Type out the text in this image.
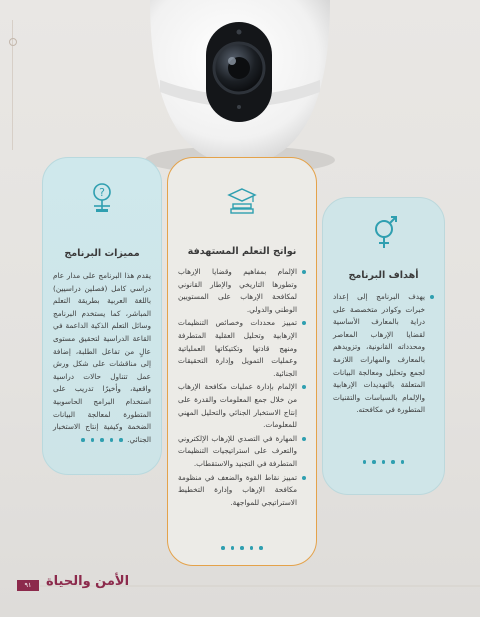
?
مميزات البرنامج
يقدم هذا البرنامج على مدار عام دراسي كامل (فصلين دراسيين) باللغة العربية بطريقة التعلم المباشر، كما يستخدم البرنامج وسائل التعلم الذكية الداعمة في القاعة الدراسية لتحقيق مستوى عالٍ من تفاعل الطلبة، إضافة إلى مناقشات على شكل ورش عمل تتناول حالات دراسية واقعية، وأخيرًا تدريب على استخدام البرامج الحاسوبية المتطورة لمعالجة البيانات الضخمة وكيفية إنتاج الاستخبار الجنائي.
نواتج التعلم المستهدفة
الإلمام بمفاهيم وقضايا الإرهاب وتطورها التاريخي والإطار القانوني لمكافحة الإرهاب على المستويين الوطني والدولي.
تمييز محددات وخصائص التنظيمات الإرهابية وتحليل العقلية المتطرفة ومنهج قادتها وتكتيكاتها العملياتية وعمليات التمويل وإدارة التحقيقات الجنائية.
الإلمام بإدارة عمليات مكافحة الإرهاب من خلال جمع المعلومات والقدرة على إنتاج الاستخبار الجنائي والتحليل المهني للمعلومات.
المهارة في التصدي للإرهاب الإلكتروني والتعرف على استراتيجيات التنظيمات المتطرفة في التجنيد والاستقطاب.
تمييز نقاط القوة والضعف في منظومة مكافحة الإرهاب وإدارة التخطيط الاستراتيجي للمواجهة.
أهداف البرنامج
يهدف البرنامج إلى إعداد خبرات وكوادر متخصصة على دراية بالمعارف الأساسية لقضايا الإرهاب المعاصر ومحدداته القانونية، وتزويدهم بالمعارف والمهارات اللازمة لجمع وتحليل ومعالجة البيانات المتعلقة بالتهديدات الإرهابية والإلمام بالسياسات والتقنيات المتطورة في مكافحته.
٩١	الأمن والحياة
